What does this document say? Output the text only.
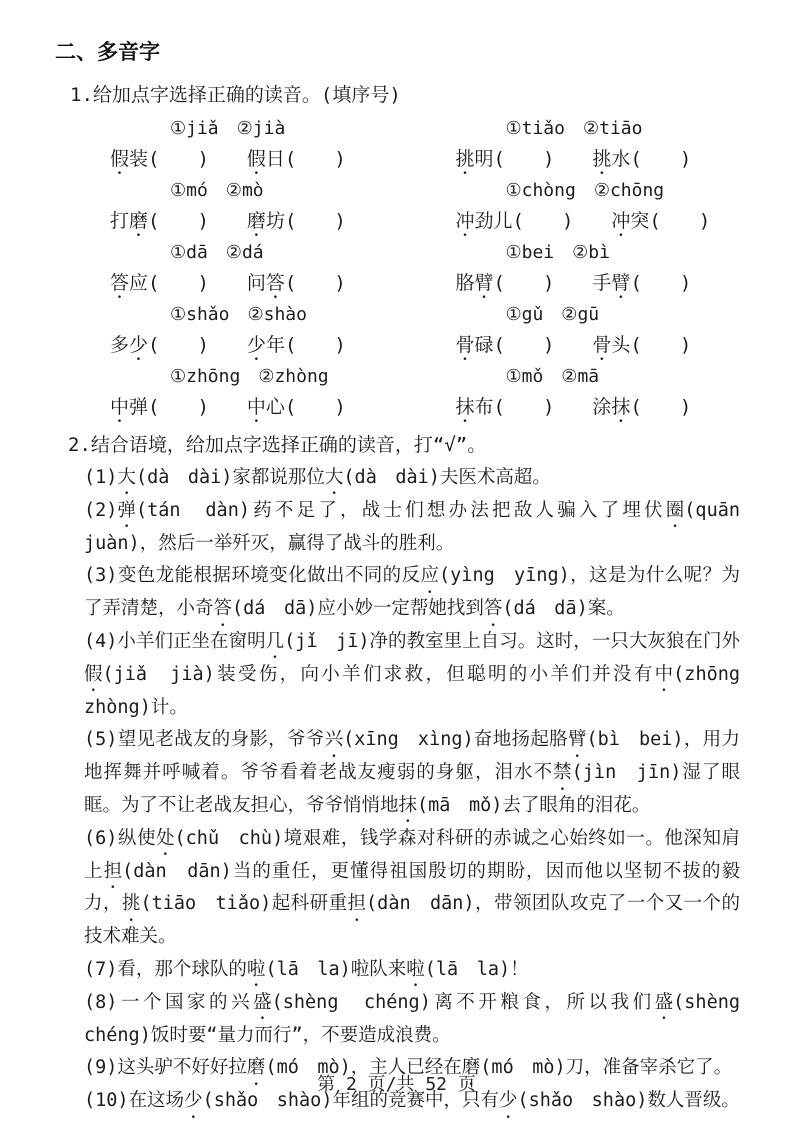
二、多音字
1.给加点字选择正确的读音。(填序号)
①jiǎ　②jià
假装(　　)　　假日(　　)
①tiǎo　②tiāo
挑明(　　)　　挑水(　　)
①mó　②mò
打磨(　　)　　磨坊(　　)
①chòng　②chōng
冲劲儿(　　)　　冲突(　　)
①dā　②dá
答应(　　)　　问答(　　)
①bei　②bì
胳臂(　　)　　手臂(　　)
①shǎo　②shào
多少(　　)　　少年(　　)
①gǔ　②gū
骨碌(　　)　　骨头(　　)
①zhōng　②zhòng
中弹(　　)　　中心(　　)
①mǒ　②mā
抹布(　　)　　涂抹(　　)
2.结合语境，给加点字选择正确的读音，打“√”。

(1)大(dà　dài)家都说那位大(dà　dài)夫医术高超。

(2)弹(tán　dàn)药不足了，战士们想办法把敌人骗入了埋伏圈(quān　juàn)，然后一举歼灭，赢得了战斗的胜利。

(3)变色龙能根据环境变化做出不同的反应(yìng　yīng)，这是为什么呢？为了弄清楚，小奇答(dá　dā)应小妙一定帮她找到答(dá　dā)案。

(4)小羊们正坐在窗明几(jǐ　jī)净的教室里上自习。这时，一只大灰狼在门外假(jiǎ　jià)装受伤，向小羊们求救，但聪明的小羊们并没有中(zhōng　zhòng)计。

(5)望见老战友的身影，爷爷兴(xīng　xìng)奋地扬起胳臂(bì　bei)，用力地挥舞并呼喊着。爷爷看着老战友瘦弱的身躯，泪水不禁(jìn　jīn)湿了眼眶。为了不让老战友担心，爷爷悄悄地抹(mā　mǒ)去了眼角的泪花。

(6)纵使处(chǔ　chù)境艰难，钱学森对科研的赤诚之心始终如一。他深知肩上担(dàn　dān)当的重任，更懂得祖国殷切的期盼，因而他以坚韧不拔的毅力，挑(tiāo　tiǎo)起科研重担(dàn　dān)，带领团队攻克了一个又一个的技术难关。

(7)看，那个球队的啦(lā　la)啦队来啦(lā　la)！

(8)一个国家的兴盛(shèng　chéng)离不开粮食，所以我们盛(shèng　chéng)饭时要“量力而行”，不要造成浪费。

(9)这头驴不好好拉磨(mó　mò)，主人已经在磨(mó　mò)刀，准备宰杀它了。

(10)在这场少(shǎo　shào)年组的竞赛中，只有少(shǎo　shào)数人晋级。

第 2 页/共 52 页
